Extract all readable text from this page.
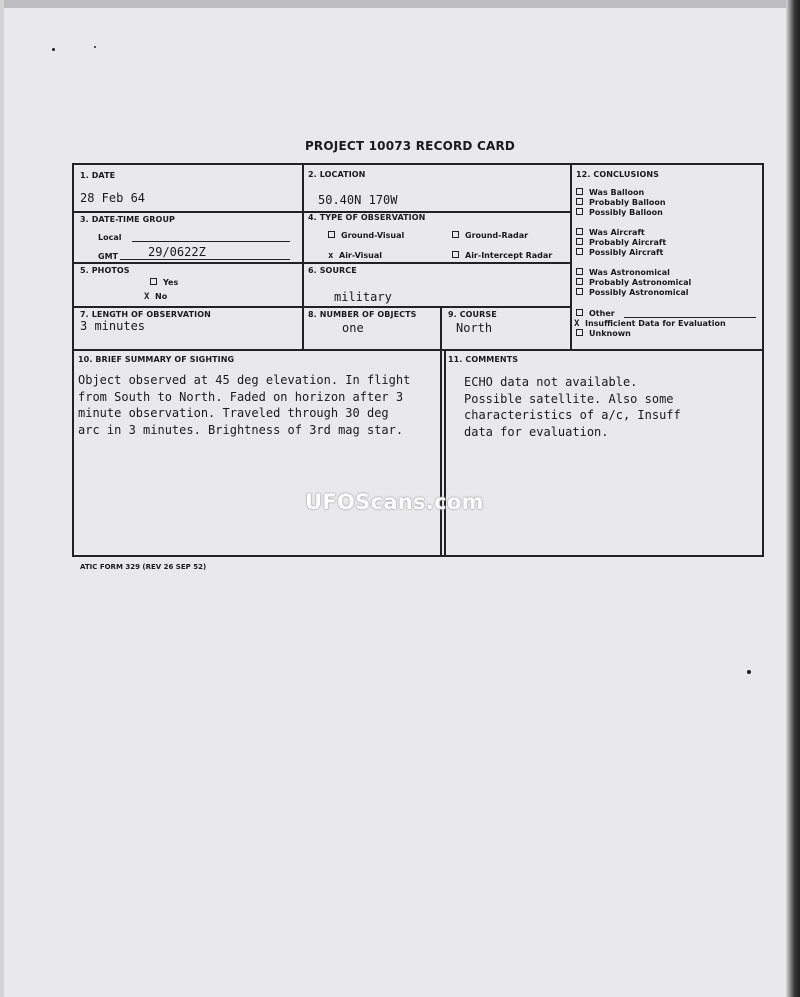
PROJECT 10073 RECORD CARD
1. DATE
28 Feb 64
2. LOCATION
50.40N 170W
3. DATE-TIME GROUP
Local
GMT	29/0622Z
4. TYPE OF OBSERVATION
Ground-Visual	Ground-Radar
x Air-Visual	Air-Intercept Radar
5. PHOTOS
Yes
X No
6. SOURCE
military
7. LENGTH OF OBSERVATION
3 minutes
8. NUMBER OF OBJECTS
one
9. COURSE
North
12. CONCLUSIONS
Was Balloon
Probably Balloon
Possibly Balloon
Was Aircraft
Probably Aircraft
Possibly Aircraft
Was Astronomical
Probably Astronomical
Possibly Astronomical
Other
X Insufficient Data for Evaluation
Unknown
10. BRIEF SUMMARY OF SIGHTING
Object observed at 45 deg elevation. In flight
from South to North. Faded on horizon after 3
minute observation. Traveled through 30 deg
arc in 3 minutes. Brightness of 3rd mag star.
11. COMMENTS
ECHO data not available.
Possible satellite. Also some
characteristics of a/c, Insuff
data for evaluation.
UFOScans.com
ATIC FORM 329 (REV 26 SEP 52)
